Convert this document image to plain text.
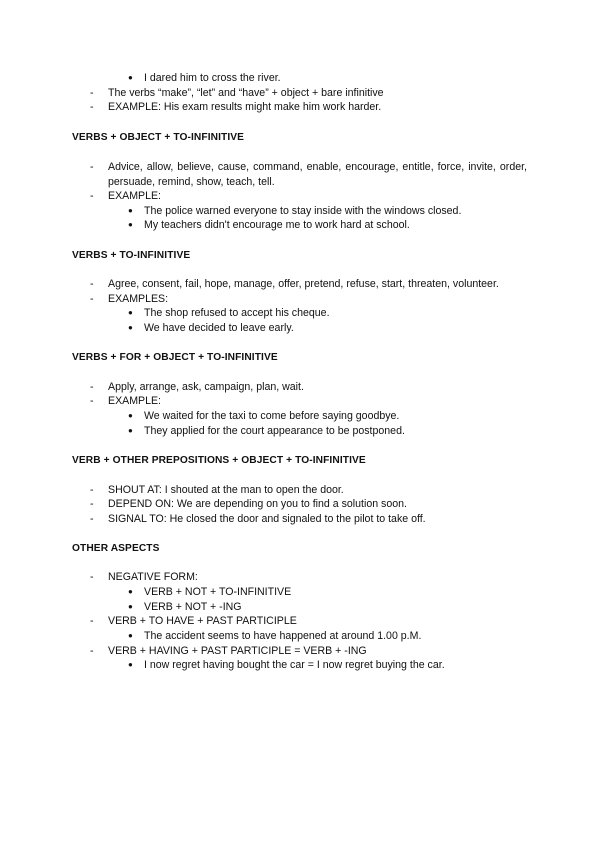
●	I dared him to cross the river.
-	The verbs “make”, “let” and “have” + object + bare infinitive
-	EXAMPLE: His exam results might make him work harder.
VERBS + OBJECT + TO-INFINITIVE
-	Advice, allow, believe, cause, command, enable, encourage, entitle, force, invite, order, persuade, remind, show, teach, tell.
-	EXAMPLE:
●	The police warned everyone to stay inside with the windows closed.
●	My teachers didn't encourage me to work hard at school.
VERBS + TO-INFINITIVE
-	Agree, consent, fail, hope, manage, offer, pretend, refuse, start, threaten, volunteer.
-	EXAMPLES:
●	The shop refused to accept his cheque.
●	We have decided to leave early.
VERBS + FOR + OBJECT + TO-INFINITIVE
-	Apply, arrange, ask, campaign, plan, wait.
-	EXAMPLE:
●	We waited for the taxi to come before saying goodbye.
●	They applied for the court appearance to be postponed.
VERB + OTHER PREPOSITIONS + OBJECT + TO-INFINITIVE
-	SHOUT AT: I shouted at the man to open the door.
-	DEPEND ON: We are depending on you to find a solution soon.
-	SIGNAL TO: He closed the door and signaled to the pilot to take off.
OTHER ASPECTS
-	NEGATIVE FORM:
●	VERB + NOT + TO-INFINITIVE
●	VERB + NOT + -ING
-	VERB + TO HAVE + PAST PARTICIPLE
●	The accident seems to have happened at around 1.00 p.M.
-	VERB + HAVING + PAST PARTICIPLE = VERB + -ING
●	I now regret having bought the car = I now regret buying the car.
